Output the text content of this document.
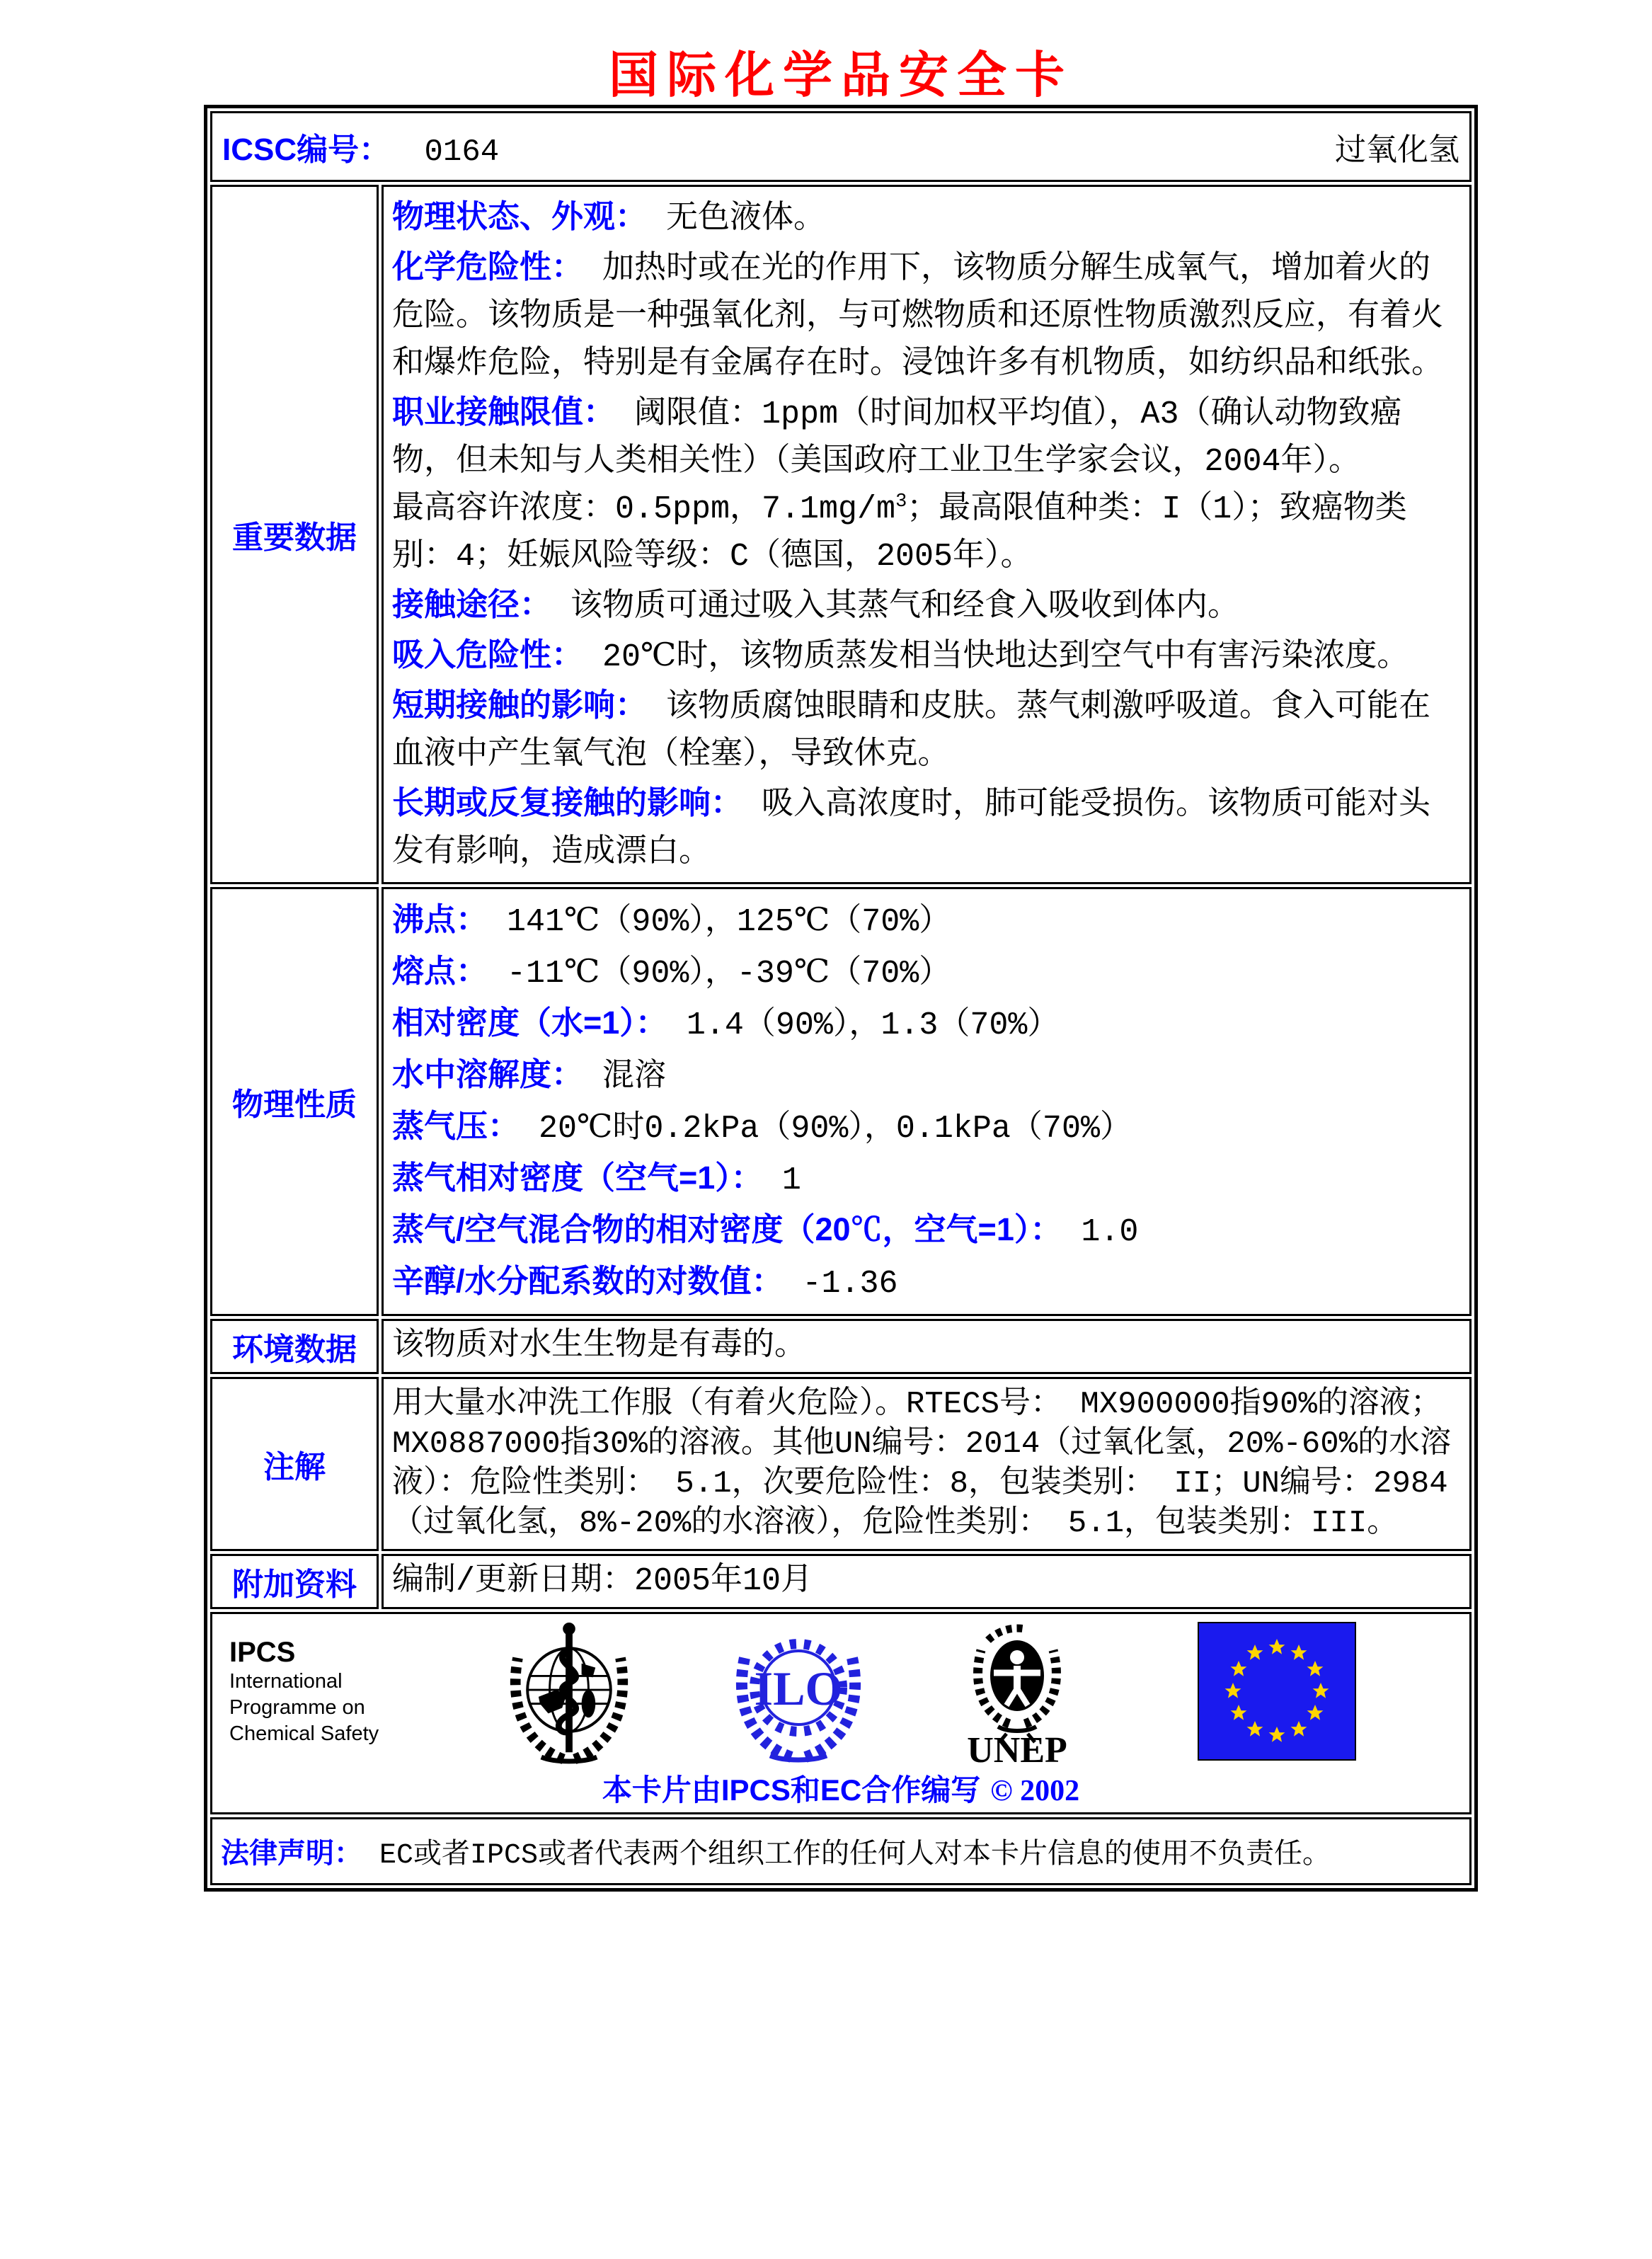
国际化学品安全卡
ICSC编号： 0164 过氧化氢	

重要数据	
物理状态、外观： 无色液体。
化学危险性： 加热时或在光的作用下，该物质分解生成氧气，增加着火的危险。该物质是一种强氧化剂，与可燃物质和还原性物质激烈反应，有着火和爆炸危险，特别是有金属存在时。浸蚀许多有机物质，如纺织品和纸张。
职业接触限值： 阈限值：1ppm（时间加权平均值），A3（确认动物致癌物，但未知与人类相关性）（美国政府工业卫生学家会议，2004年）。
最高容许浓度：0.5ppm，$7.1mg/m^3$；最高限值种类：I（1）；致癌物类别：4；妊娠风险等级：C（德国，2005年）。
接触途径： 该物质可通过吸入其蒸气和经食入吸收到体内。
吸入危险性： 20℃时，该物质蒸发相当快地达到空气中有害污染浓度。
短期接触的影响： 该物质腐蚀眼睛和皮肤。蒸气刺激呼吸道。食入可能在血液中产生氧气泡（栓塞），导致休克。
长期或反复接触的影响： 吸入高浓度时，肺可能受损伤。该物质可能对头发有影响，造成漂白。

物理性质	
沸点： 141℃（90%），125℃（70%）
熔点： -11℃（90%），-39℃（70%）
相对密度（水=1）： 1.4（90%），1.3（70%）
水中溶解度： 混溶
蒸气压： 20℃时0.2kPa（90%），0.1kPa（70%）
蒸气相对密度（空气=1）： 1
蒸气/空气混合物的相对密度（20℃，空气=1）： 1.0
辛醇/水分配系数的对数值： -1.36

环境数据	该物质对水生生物是有毒的。

注解	用大量水冲洗工作服（有着火危险）。RTECS号： MX900000指90%的溶液；MX0887000指30%的溶液。其他UN编号：2014（过氧化氢，20%-60%的水溶液）：危险性类别： 5.1，次要危险性：8，包装类别： II；UN编号：2984（过氧化氢，8%-20%的水溶液），危险性类别： 5.1，包装类别：III。

附加资料	编制/更新日期：2005年10月

IPCS
International
Programme on
Chemical Safety
ILO
UNEP
本卡片由IPCS和EC合作编写 © 2002

法律声明： EC或者IPCS或者代表两个组织工作的任何人对本卡片信息的使用不负责任。	
